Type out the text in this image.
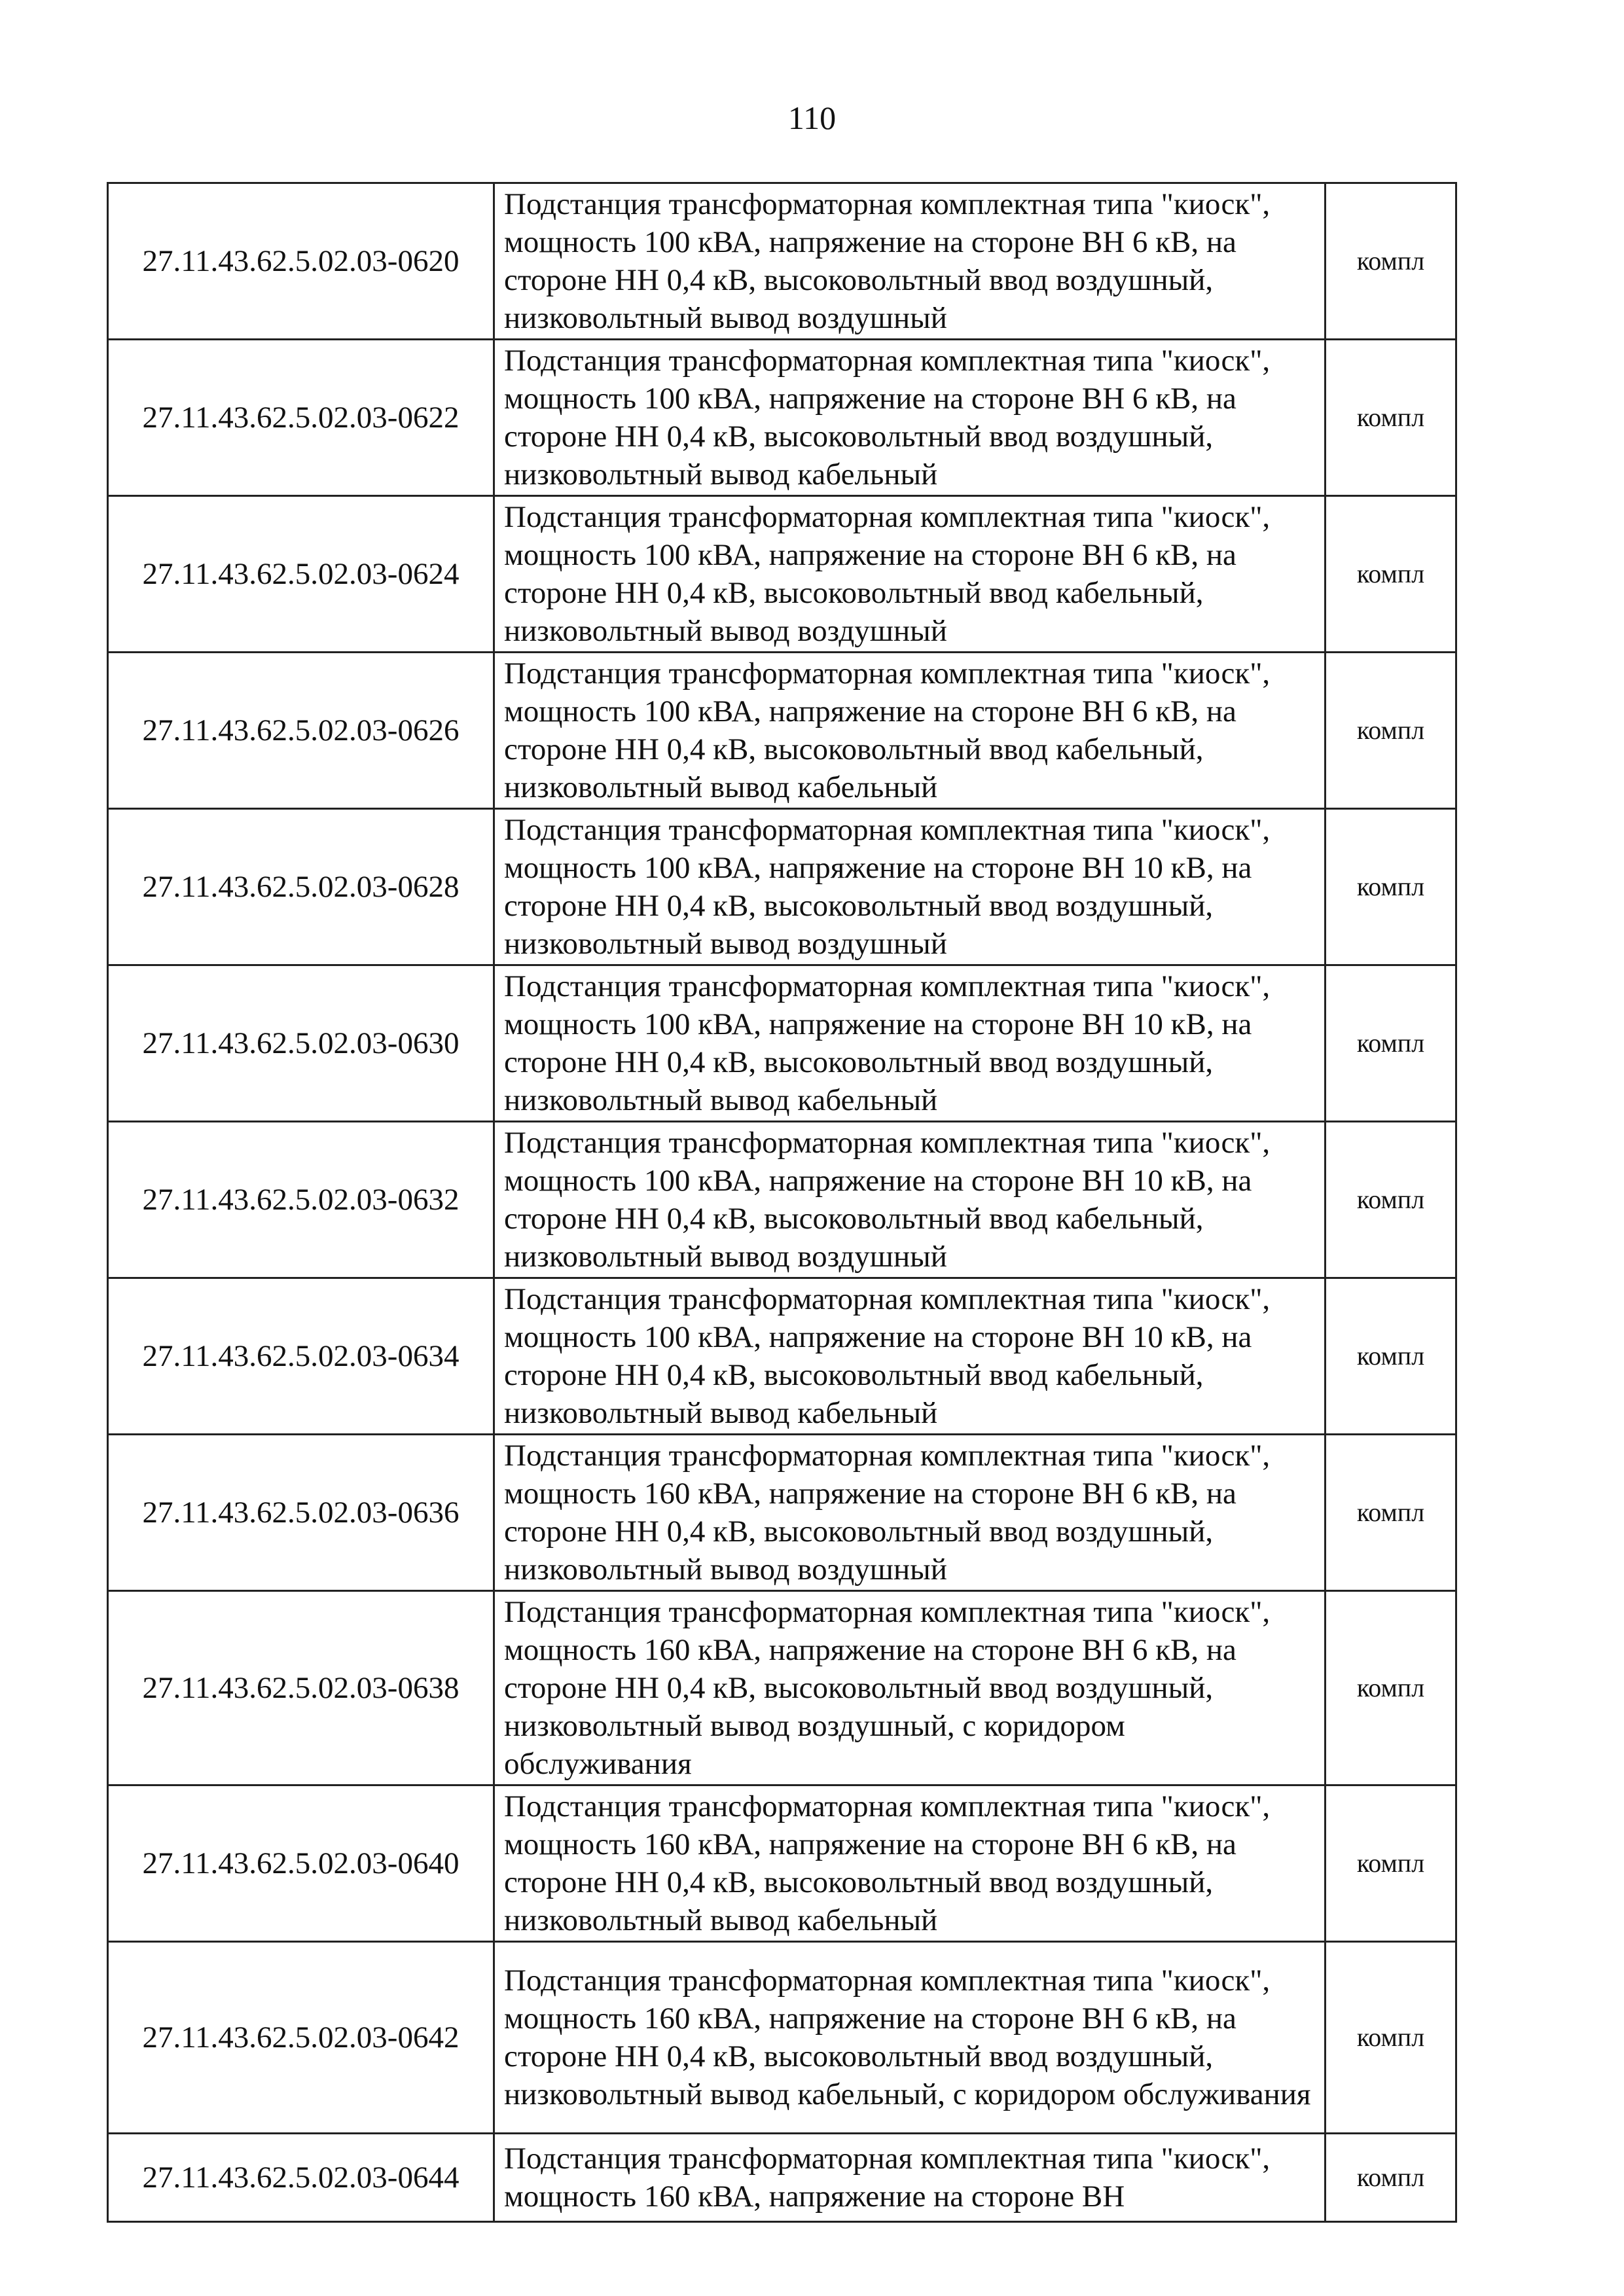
110
27.11.43.62.5.02.03-0620	Подстанция трансформаторная комплектная типа "киоск", мощность 100 кВА, напряжение на стороне ВН 6 кВ, на стороне НН 0,4 кВ, высоковольтный ввод воздушный, низковольтный вывод воздушный	компл
27.11.43.62.5.02.03-0622	Подстанция трансформаторная комплектная типа "киоск", мощность 100 кВА, напряжение на стороне ВН 6 кВ, на стороне НН 0,4 кВ, высоковольтный ввод воздушный, низковольтный вывод кабельный	компл
27.11.43.62.5.02.03-0624	Подстанция трансформаторная комплектная типа "киоск", мощность 100 кВА, напряжение на стороне ВН 6 кВ, на стороне НН 0,4 кВ, высоковольтный ввод кабельный, низковольтный вывод воздушный	компл
27.11.43.62.5.02.03-0626	Подстанция трансформаторная комплектная типа "киоск", мощность 100 кВА, напряжение на стороне ВН 6 кВ, на стороне НН 0,4 кВ, высоковольтный ввод кабельный, низковольтный вывод кабельный	компл
27.11.43.62.5.02.03-0628	Подстанция трансформаторная комплектная типа "киоск", мощность 100 кВА, напряжение на стороне ВН 10 кВ, на стороне НН 0,4 кВ, высоковольтный ввод воздушный, низковольтный вывод воздушный	компл
27.11.43.62.5.02.03-0630	Подстанция трансформаторная комплектная типа "киоск", мощность 100 кВА, напряжение на стороне ВН 10 кВ, на стороне НН 0,4 кВ, высоковольтный ввод воздушный, низковольтный вывод кабельный	компл
27.11.43.62.5.02.03-0632	Подстанция трансформаторная комплектная типа "киоск", мощность 100 кВА, напряжение на стороне ВН 10 кВ, на стороне НН 0,4 кВ, высоковольтный ввод кабельный, низковольтный вывод воздушный	компл
27.11.43.62.5.02.03-0634	Подстанция трансформаторная комплектная типа "киоск", мощность 100 кВА, напряжение на стороне ВН 10 кВ, на стороне НН 0,4 кВ, высоковольтный ввод кабельный, низковольтный вывод кабельный	компл
27.11.43.62.5.02.03-0636	Подстанция трансформаторная комплектная типа "киоск", мощность 160 кВА, напряжение на стороне ВН 6 кВ, на стороне НН 0,4 кВ, высоковольтный ввод воздушный, низковольтный вывод воздушный	компл
27.11.43.62.5.02.03-0638	Подстанция трансформаторная комплектная типа "киоск", мощность 160 кВА, напряжение на стороне ВН 6 кВ, на стороне НН 0,4 кВ, высоковольтный ввод воздушный, низковольтный вывод воздушный, с коридором обслуживания	компл
27.11.43.62.5.02.03-0640	Подстанция трансформаторная комплектная типа "киоск", мощность 160 кВА, напряжение на стороне ВН 6 кВ, на стороне НН 0,4 кВ, высоковольтный ввод воздушный, низковольтный вывод кабельный	компл
27.11.43.62.5.02.03-0642	Подстанция трансформаторная комплектная типа "киоск", мощность 160 кВА, напряжение на стороне ВН 6 кВ, на стороне НН 0,4 кВ, высоковольтный ввод воздушный, низковольтный вывод кабельный, с коридором обслуживания	компл
27.11.43.62.5.02.03-0644	Подстанция трансформаторная комплектная типа "киоск", мощность 160 кВА, напряжение на стороне ВН	компл
